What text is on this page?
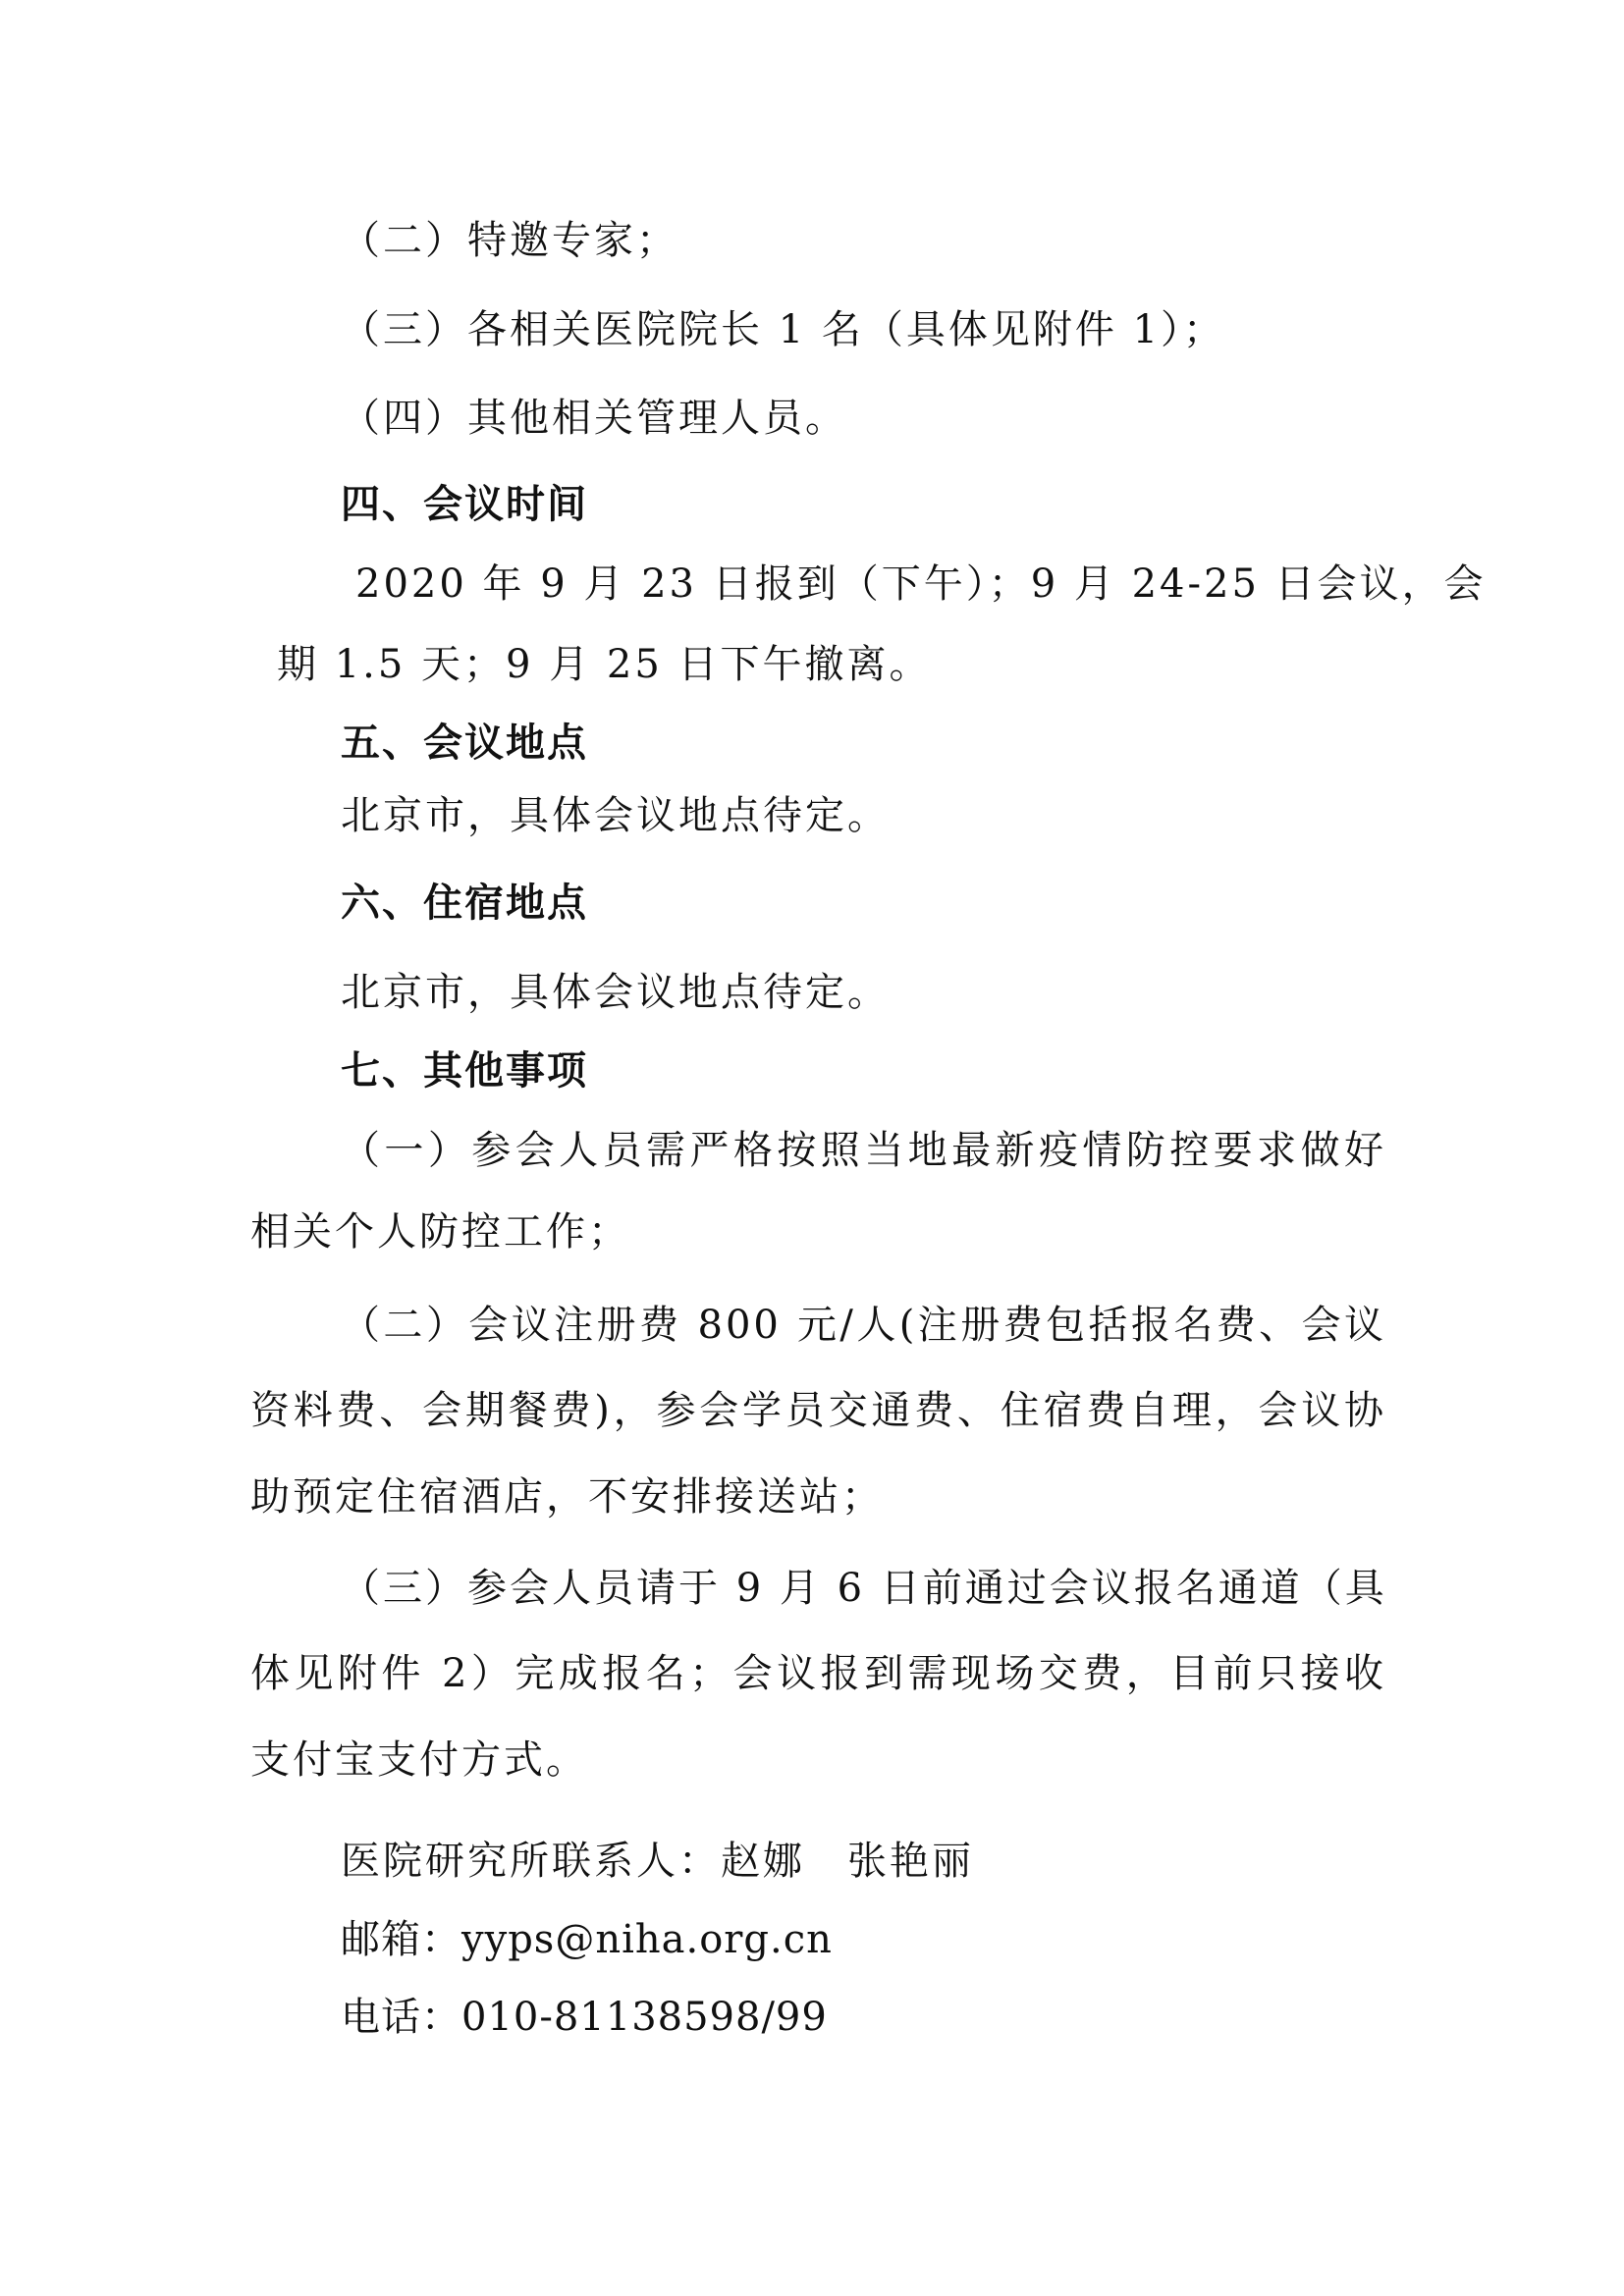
（二）特邀专家；
（三）各相关医院院长 1 名（具体见附件 1）；
（四）其他相关管理人员。
四、会议时间
2020 年 9 月 23 日报到（下午）；9 月 24-25 日会议，会
期 1.5 天；9 月 25 日下午撤离。
五、会议地点
北京市，具体会议地点待定。
六、住宿地点
北京市，具体会议地点待定。
七、其他事项
（一）参会人员需严格按照当地最新疫情防控要求做好
相关个人防控工作；
（二）会议注册费 800 元/人(注册费包括报名费、会议
资料费、会期餐费)，参会学员交通费、住宿费自理，会议协
助预定住宿酒店，不安排接送站；
（三）参会人员请于 9 月 6 日前通过会议报名通道（具
体见附件 2）完成报名；会议报到需现场交费，目前只接收
支付宝支付方式。
医院研究所联系人：赵娜　张艳丽
邮箱：yyps@niha.org.cn
电话：010-81138598/99
